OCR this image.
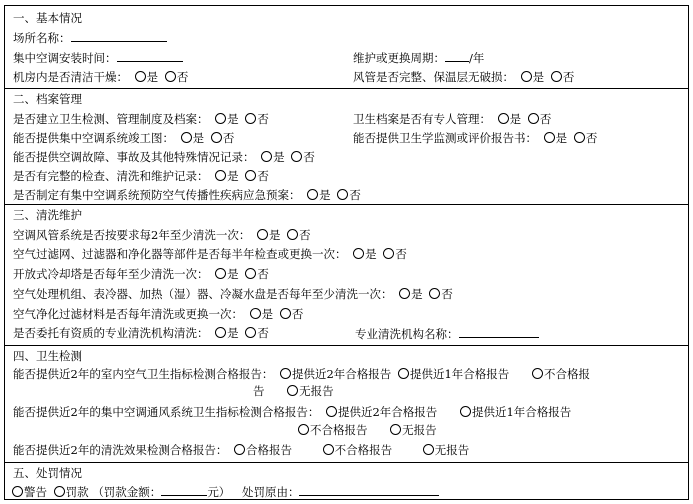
一、基本情况
场所名称：
集中空调安装时间：	维护或更换周期： /年
机房内是否清洁干燥： 是 否	风管是否完整、保温层无破损： 是 否
二、档案管理
是否建立卫生检测、管理制度及档案： 是 否	卫生档案是否有专人管理： 是 否
能否提供集中空调系统竣工图： 是 否	能否提供卫生学监测或评价报告书： 是 否
能否提供空调故障、事故及其他特殊情况记录： 是 否
是否有完整的检查、清洗和维护记录： 是 否
是否制定有集中空调系统预防空气传播性疾病应急预案： 是 否
三、清洗维护
空调风管系统是否按要求每2年至少清洗一次： 是 否
空气过滤网、过滤器和净化器等部件是否每半年检查或更换一次： 是 否
开放式冷却塔是否每年至少清洗一次： 是 否
空气处理机组、表冷器、加热（湿）器、冷凝水盘是否每年至少清洗一次： 是 否
空气净化过滤材料是否每年清洗或更换一次： 是 否
是否委托有资质的专业清洗机构清洗： 是 否	专业清洗机构名称：
四、卫生检测
能否提供近2年的室内空气卫生指标检测合格报告： 提供近2年合格报告 提供近1年合格报告	不合格报
告	无报告
能否提供近2年的集中空调通风系统卫生指标检测合格报告： 提供近2年合格报告	提供近1年合格报告
不合格报告	无报告
能否提供近2年的清洗效果检测合格报告： 合格报告	不合格报告	无报告
五、处罚情况
警告 罚款 （罚款金额：	元） 处罚原由：
